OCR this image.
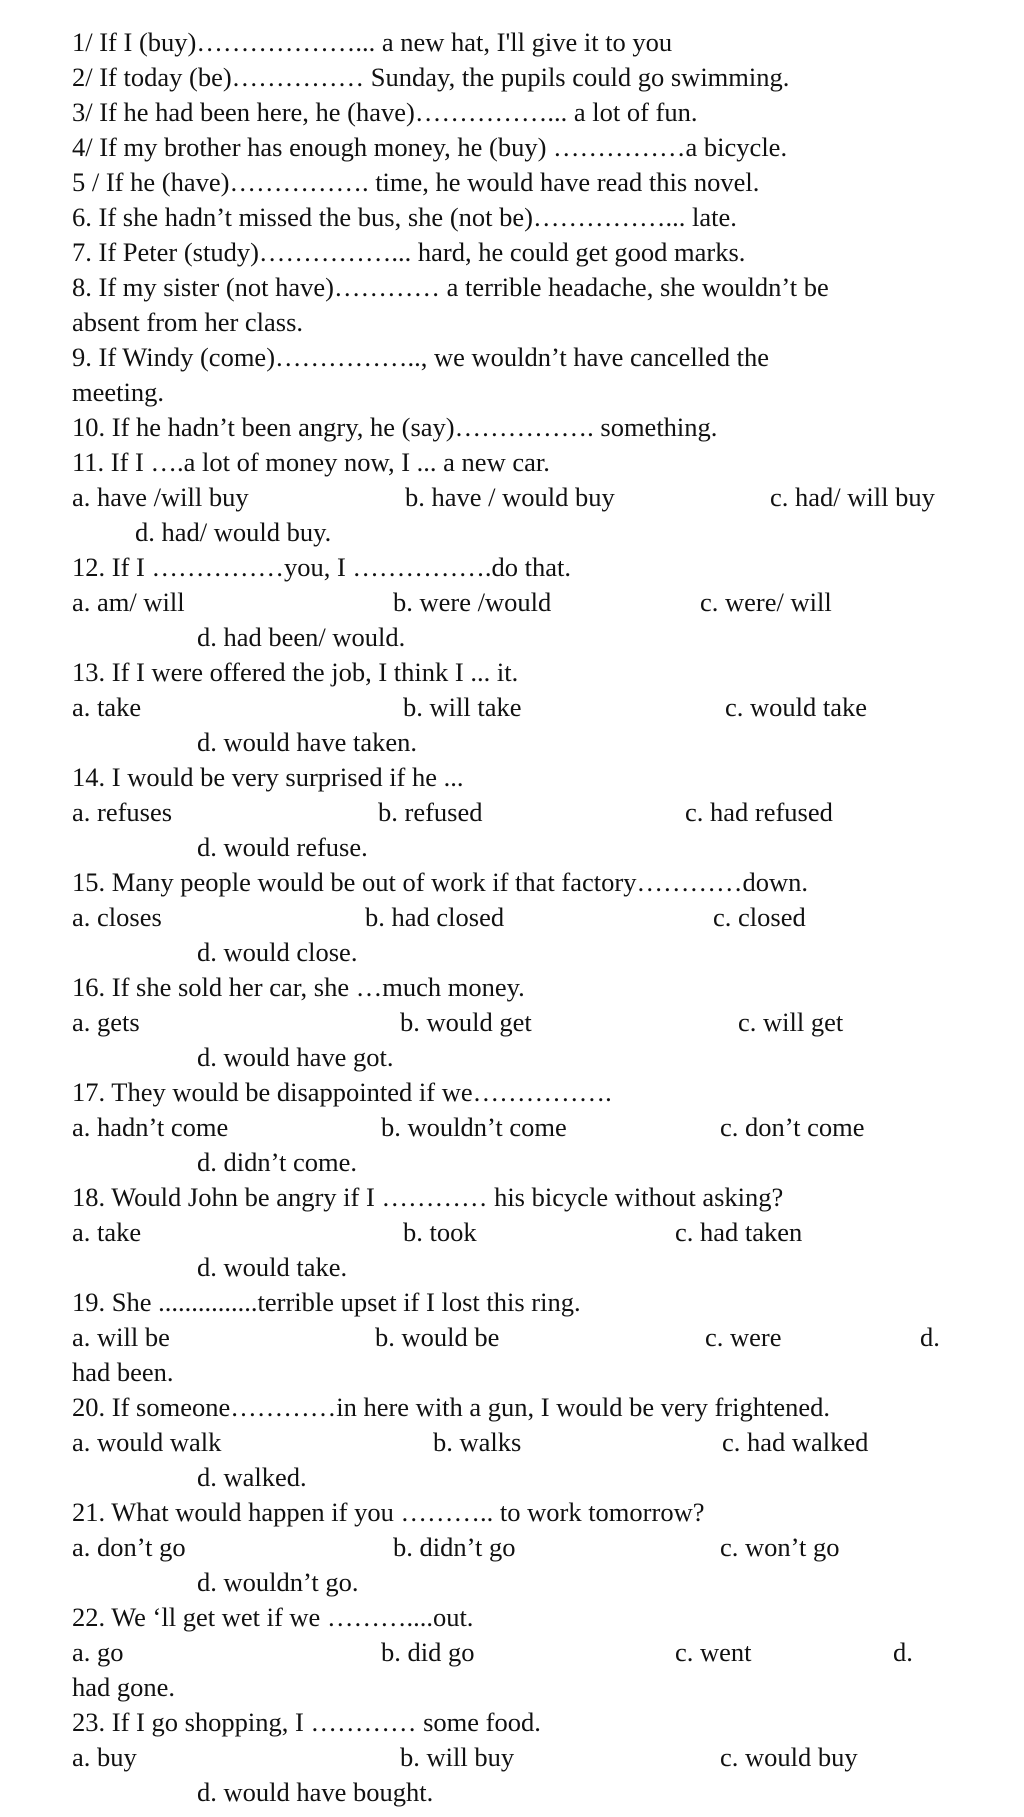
1/ If I (buy)………………... a new hat, I'll give it to you
2/ If today (be)…………… Sunday, the pupils could go swimming.
3/ If he had been here, he (have)……………... a lot of fun.
4/ If my brother has enough money, he (buy) ……………a bicycle.
5 / If he (have)……………. time, he would have read this novel.
6. If she hadn’t missed the bus, she (not be)……………... late.
7. If Peter (study)……………... hard, he could get good marks.
8. If my sister (not have)………… a terrible headache, she wouldn’t be
absent from her class.
9. If Windy (come)…………….., we wouldn’t have cancelled the
meeting.
10. If he hadn’t been angry, he (say)……………. something.
11. If I ….a lot of money now, I ... a new car.
a. have /will buy	b. have / would buy	c. had/ will buy
d. had/ would buy.
12. If I ……………you, I …………….do that.
a. am/ will	b. were /would	c. were/ will
d. had been/ would.
13. If I were offered the job, I think I ... it.
a. take	b. will take	c. would take
d. would have taken.
14. I would be very surprised if he ...
a. refuses	b. refused	c. had refused
d. would refuse.
15. Many people would be out of work if that factory…………down.
a. closes	b. had closed	c. closed
d. would close.
16. If she sold her car, she …much money.
a. gets	b. would get	c. will get
d. would have got.
17. They would be disappointed if we…………….
a. hadn’t come	b. wouldn’t come	c. don’t come
d. didn’t come.
18. Would John be angry if I ………… his bicycle without asking?
a. take	b. took	c. had taken
d. would take.
19. She ...............terrible upset if I lost this ring.
a. will be	b. would be	c. were	d.
had been.
20. If someone…………in here with a gun, I would be very frightened.
a. would walk	b. walks	c. had walked
d. walked.
21. What would happen if you ……….. to work tomorrow?
a. don’t go	b. didn’t go	c. won’t go
d. wouldn’t go.
22. We ‘ll get wet if we ………....out.
a. go	b. did go	c. went	d.
had gone.
23. If I go shopping, I ………… some food.
a. buy	b. will buy	c. would buy
d. would have bought.
